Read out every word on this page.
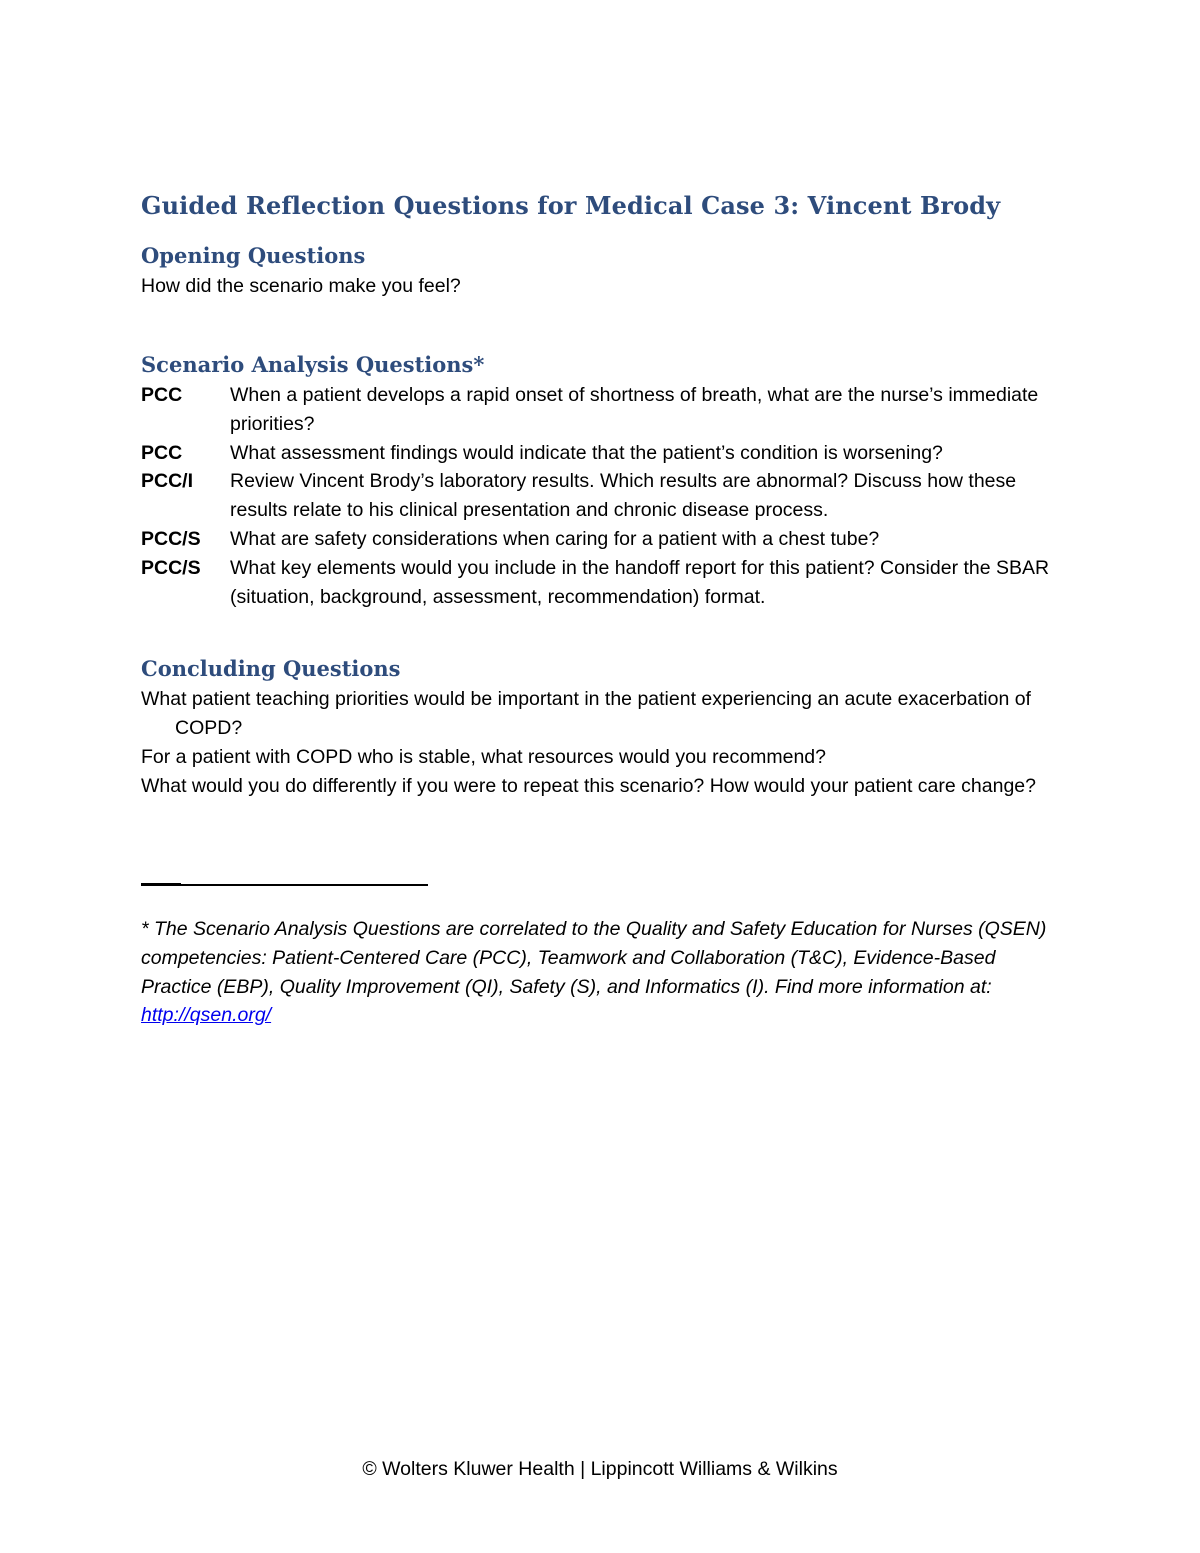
Guided Reflection Questions for Medical Case 3: Vincent Brody
Opening Questions

How did the scenario make you feel?

Scenario Analysis Questions*
PCC	When a patient develops a rapid onset of shortness of breath, what are the nurse’s immediate priorities?
PCC	What assessment findings would indicate that the patient’s condition is worsening?
PCC/I	Review Vincent Brody’s laboratory results. Which results are abnormal? Discuss how these results relate to his clinical presentation and chronic disease process.
PCC/S	What are safety considerations when caring for a patient with a chest tube?
PCC/S	What key elements would you include in the handoff report for this patient? Consider the SBAR (situation, background, assessment, recommendation) format.
Concluding Questions

What patient teaching priorities would be important in the patient experiencing an acute exacerbation of COPD?

For a patient with COPD who is stable, what resources would you recommend?

What would you do differently if you were to repeat this scenario? How would your patient care change?

* The Scenario Analysis Questions are correlated to the Quality and Safety Education for Nurses (QSEN) competencies: Patient-Centered Care (PCC), Teamwork and Collaboration (T&C), Evidence-Based Practice (EBP), Quality Improvement (QI), Safety (S), and Informatics (I). Find more information at: http://qsen.org/

© Wolters Kluwer Health | Lippincott Williams & Wilkins
